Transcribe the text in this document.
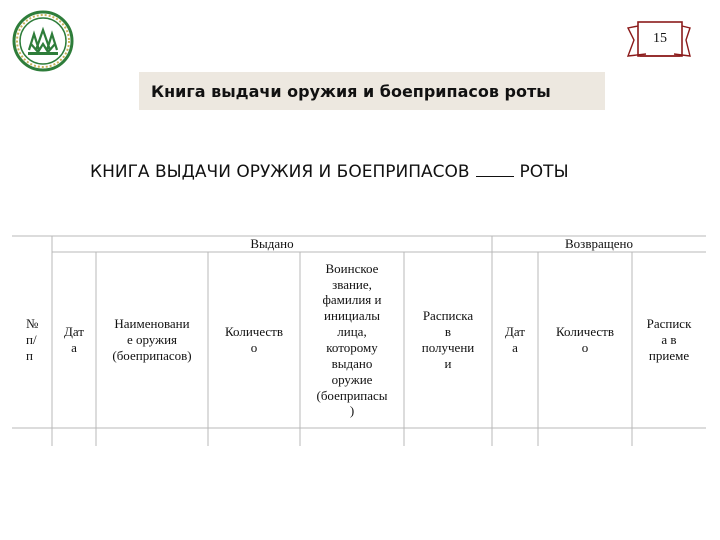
15
Книга выдачи оружия и боеприпасов роты
КНИГА ВЫДАЧИ ОРУЖИЯ И БОЕПРИПАСОВ	РОТЫ
Выдано	Возвращено
№
п/
п
Дат
а
Наименовани
е оружия
(боеприпасов)
Количеств
о
Воинское
звание,
фамилия и
инициалы
лица,
которому
выдано
оружие
(боеприпасы
)
Расписка
в
получени
и
Дат
а
Количеств
о
Расписк
а в
приеме
